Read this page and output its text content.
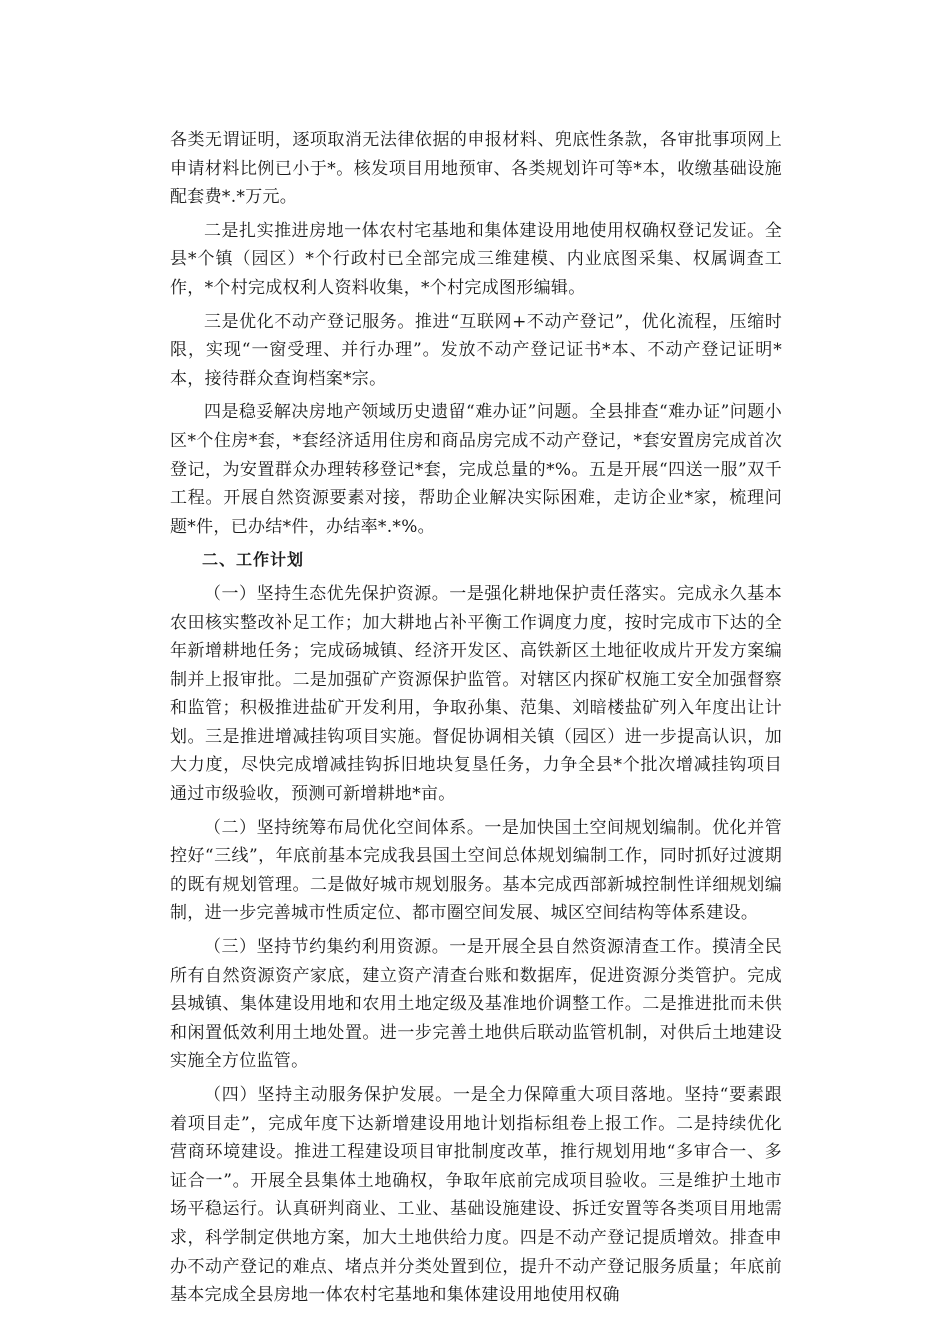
各类无谓证明，逐项取消无法律依据的申报材料、兜底性条款，各审批事项网上申请材料比例已小于*。核发项目用地预审、各类规划许可等*本，收缴基础设施配套费*.*万元。

二是扎实推进房地一体农村宅基地和集体建设用地使用权确权登记发证。全县*个镇（园区）*个行政村已全部完成三维建模、内业底图采集、权属调查工作，*个村完成权利人资料收集，*个村完成图形编辑。

三是优化不动产登记服务。推进“互联网+不动产登记”，优化流程，压缩时限，实现“一窗受理、并行办理”。发放不动产登记证书*本、不动产登记证明*本，接待群众查询档案*宗。

四是稳妥解决房地产领域历史遗留“难办证”问题。全县排查“难办证”问题小区*个住房*套，*套经济适用住房和商品房完成不动产登记，*套安置房完成首次登记，为安置群众办理转移登记*套，完成总量的*%。五是开展“四送一服”双千工程。开展自然资源要素对接，帮助企业解决实际困难，走访企业*家，梳理问题*件，已办结*件，办结率*.*%。

二、工作计划

（一）坚持生态优先保护资源。一是强化耕地保护责任落实。完成永久基本农田核实整改补足工作；加大耕地占补平衡工作调度力度，按时完成市下达的全年新增耕地任务；完成砀城镇、经济开发区、高铁新区土地征收成片开发方案编制并上报审批。二是加强矿产资源保护监管。对辖区内探矿权施工安全加强督察和监管；积极推进盐矿开发利用，争取孙集、范集、刘暗楼盐矿列入年度出让计划。三是推进增减挂钩项目实施。督促协调相关镇（园区）进一步提高认识，加大力度，尽快完成增减挂钩拆旧地块复垦任务，力争全县*个批次增减挂钩项目通过市级验收，预测可新增耕地*亩。

（二）坚持统筹布局优化空间体系。一是加快国土空间规划编制。优化并管控好“三线”，年底前基本完成我县国土空间总体规划编制工作，同时抓好过渡期的既有规划管理。二是做好城市规划服务。基本完成西部新城控制性详细规划编制，进一步完善城市性质定位、都市圈空间发展、城区空间结构等体系建设。

（三）坚持节约集约利用资源。一是开展全县自然资源清查工作。摸清全民所有自然资源资产家底，建立资产清查台账和数据库，促进资源分类管护。完成县城镇、集体建设用地和农用土地定级及基准地价调整工作。二是推进批而未供和闲置低效利用土地处置。进一步完善土地供后联动监管机制，对供后土地建设实施全方位监管。

（四）坚持主动服务保护发展。一是全力保障重大项目落地。坚持“要素跟着项目走”，完成年度下达新增建设用地计划指标组卷上报工作。二是持续优化营商环境建设。推进工程建设项目审批制度改革，推行规划用地“多审合一、多证合一”。开展全县集体土地确权，争取年底前完成项目验收。三是维护土地市场平稳运行。认真研判商业、工业、基础设施建设、拆迁安置等各类项目用地需求，科学制定供地方案，加大土地供给力度。四是不动产登记提质增效。排查申办不动产登记的难点、堵点并分类处置到位，提升不动产登记服务质量；年底前基本完成全县房地一体农村宅基地和集体建设用地使用权确
